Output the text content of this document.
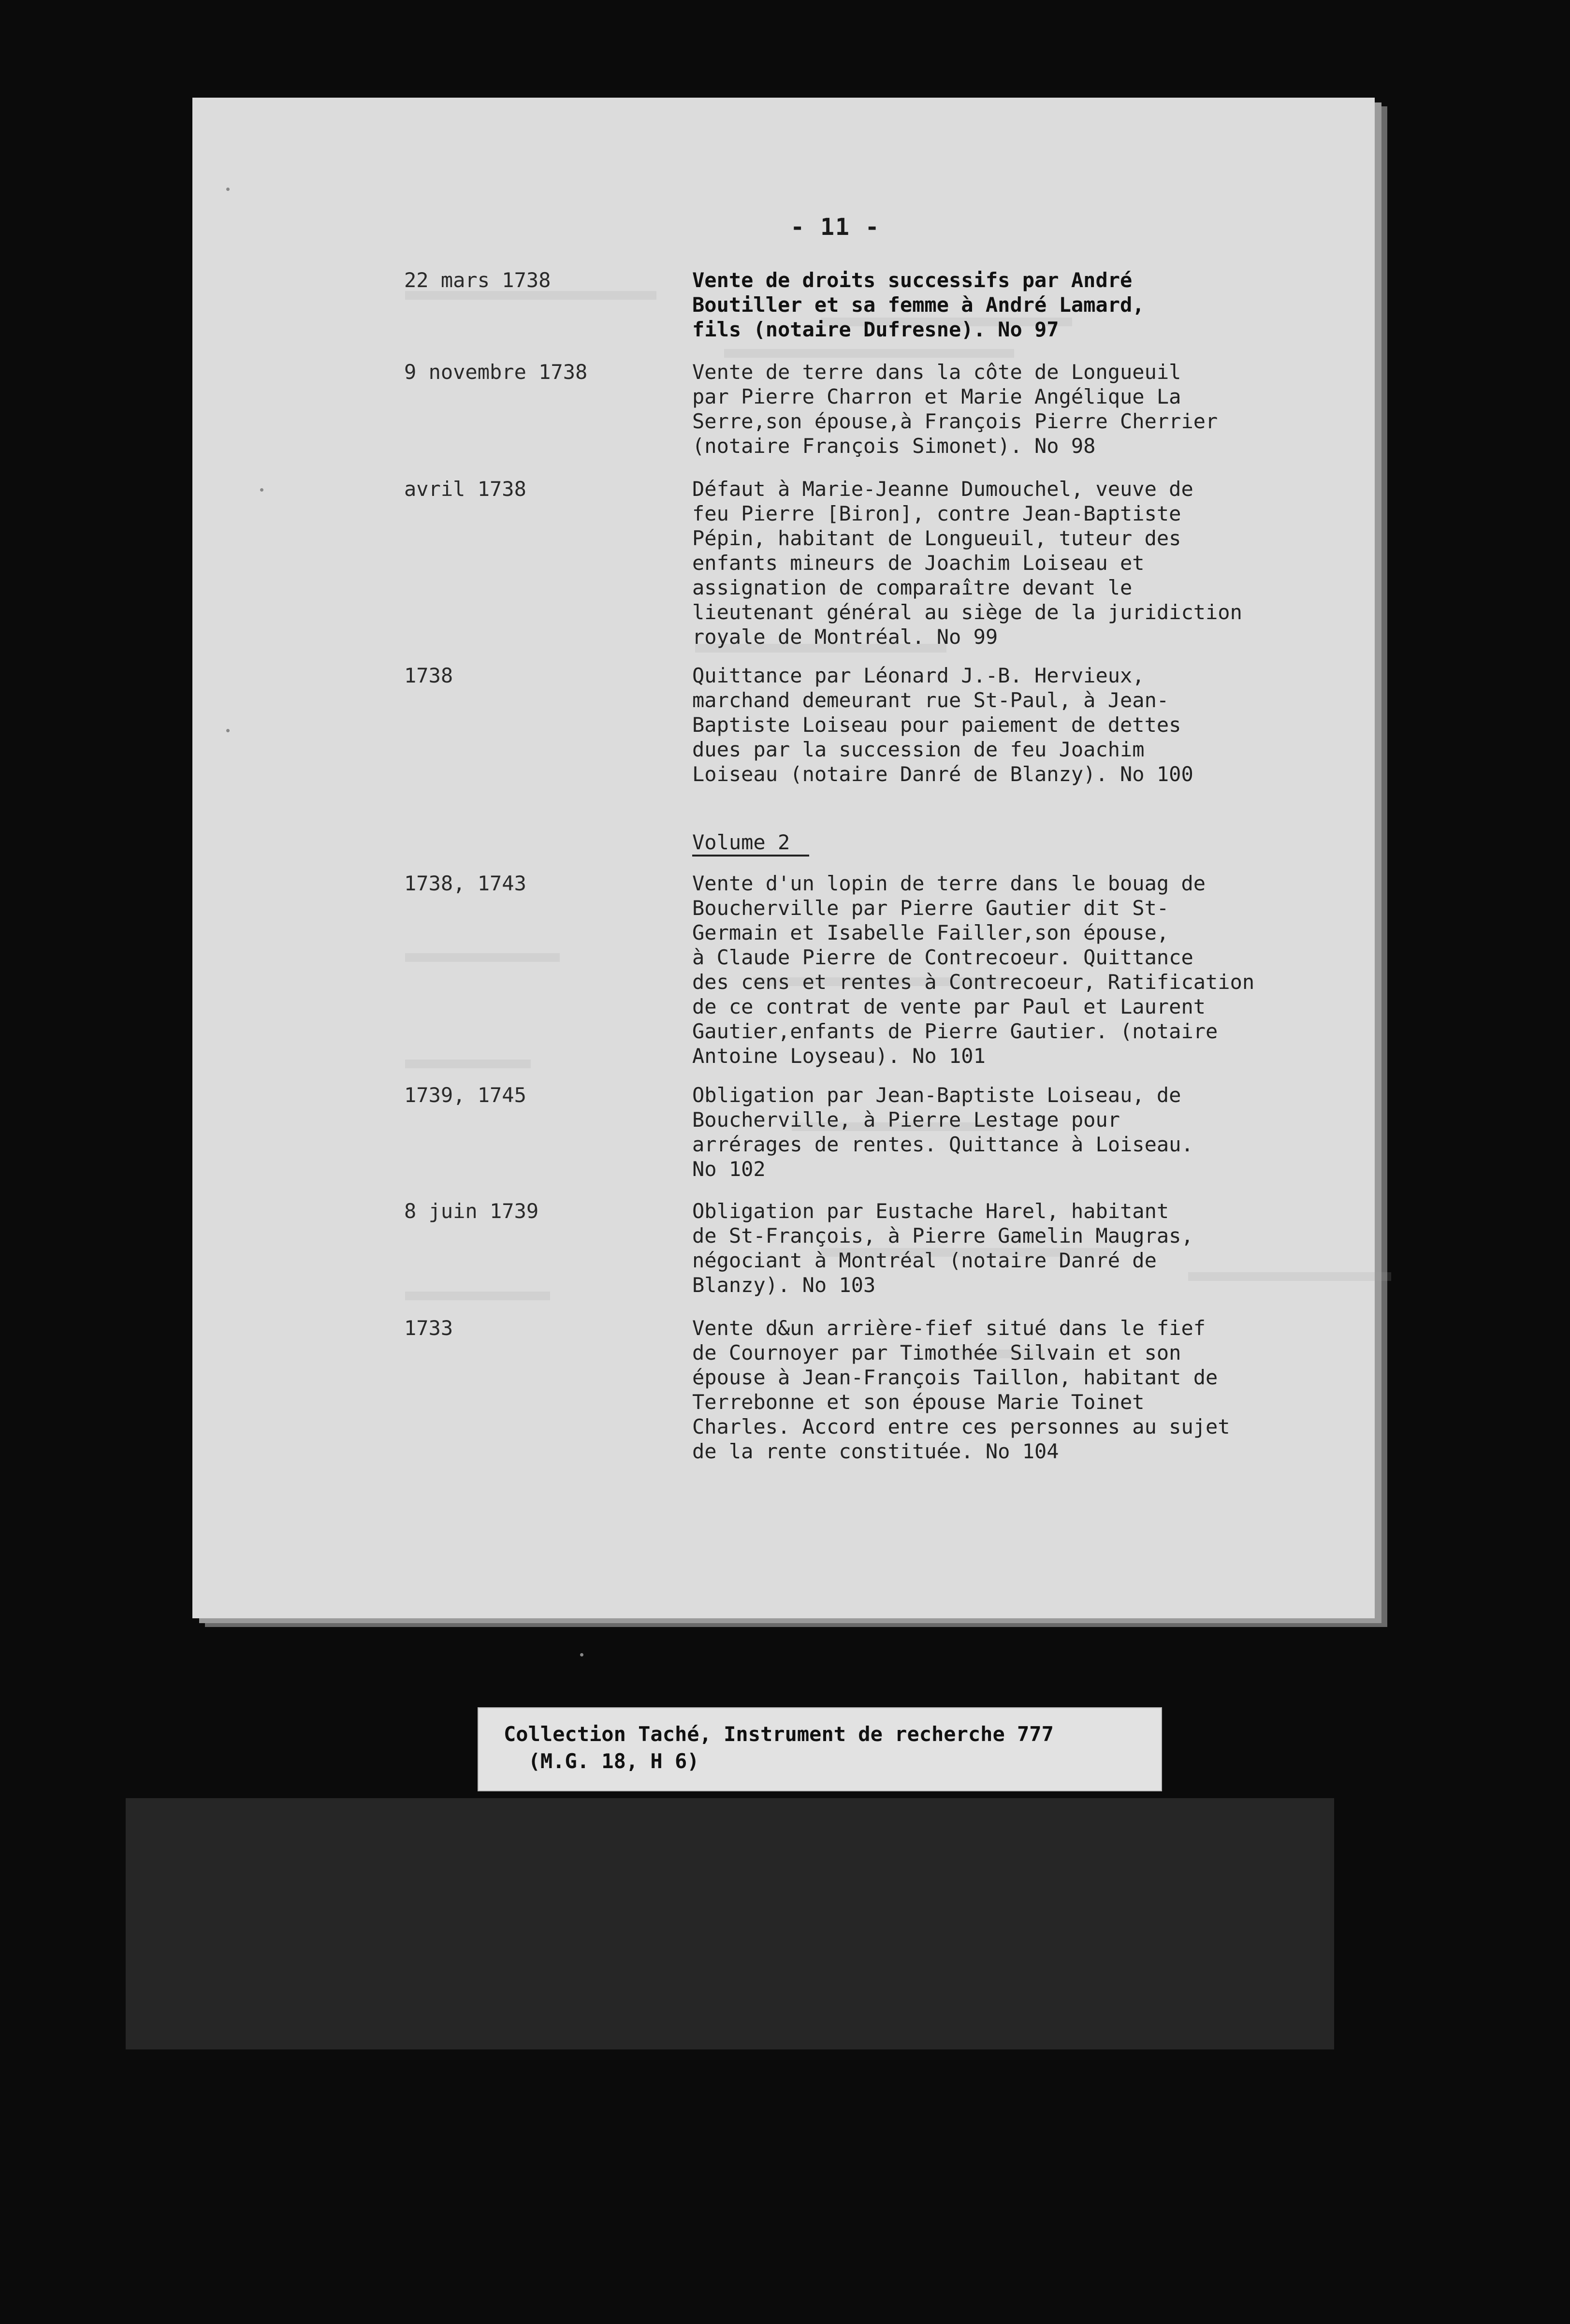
- 11 -
22 mars 1738	Vente de droits successifs par André
Boutiller et sa femme à André Lamard,
fils (notaire Dufresne). No 97
9 novembre 1738	Vente de terre dans la côte de Longueuil
par Pierre Charron et Marie Angélique La
Serre,son épouse,à François Pierre Cherrier
(notaire François Simonet). No 98
avril 1738	Défaut à Marie-Jeanne Dumouchel, veuve de
feu Pierre [Biron], contre Jean-Baptiste
Pépin, habitant de Longueuil, tuteur des
enfants mineurs de Joachim Loiseau et
assignation de comparaître devant le
lieutenant général au siège de la juridiction
royale de Montréal. No 99
1738	Quittance par Léonard J.-B. Hervieux,
marchand demeurant rue St-Paul, à Jean-
Baptiste Loiseau pour paiement de dettes
dues par la succession de feu Joachim
Loiseau (notaire Danré de Blanzy). No 100
Volume 2
1738, 1743	Vente d'un lopin de terre dans le bouag de
Boucherville par Pierre Gautier dit St-
Germain et Isabelle Failler,son épouse,
à Claude Pierre de Contrecoeur. Quittance
des cens et rentes à Contrecoeur, Ratification
de ce contrat de vente par Paul et Laurent
Gautier,enfants de Pierre Gautier. (notaire
Antoine Loyseau). No 101
1739, 1745	Obligation par Jean-Baptiste Loiseau, de
Boucherville, à Pierre Lestage pour
arrérages de rentes. Quittance à Loiseau.
No 102
8 juin 1739	Obligation par Eustache Harel, habitant
de St-François, à Pierre Gamelin Maugras,
négociant à Montréal (notaire Danré de
Blanzy). No 103
1733	Vente d&un arrière-fief situé dans le fief
de Cournoyer par Timothée Silvain et son
épouse à Jean-François Taillon, habitant de
Terrebonne et son épouse Marie Toinet
Charles. Accord entre ces personnes au sujet
de la rente constituée. No 104
Collection Taché, Instrument de recherche 777
(M.G. 18, H 6)
